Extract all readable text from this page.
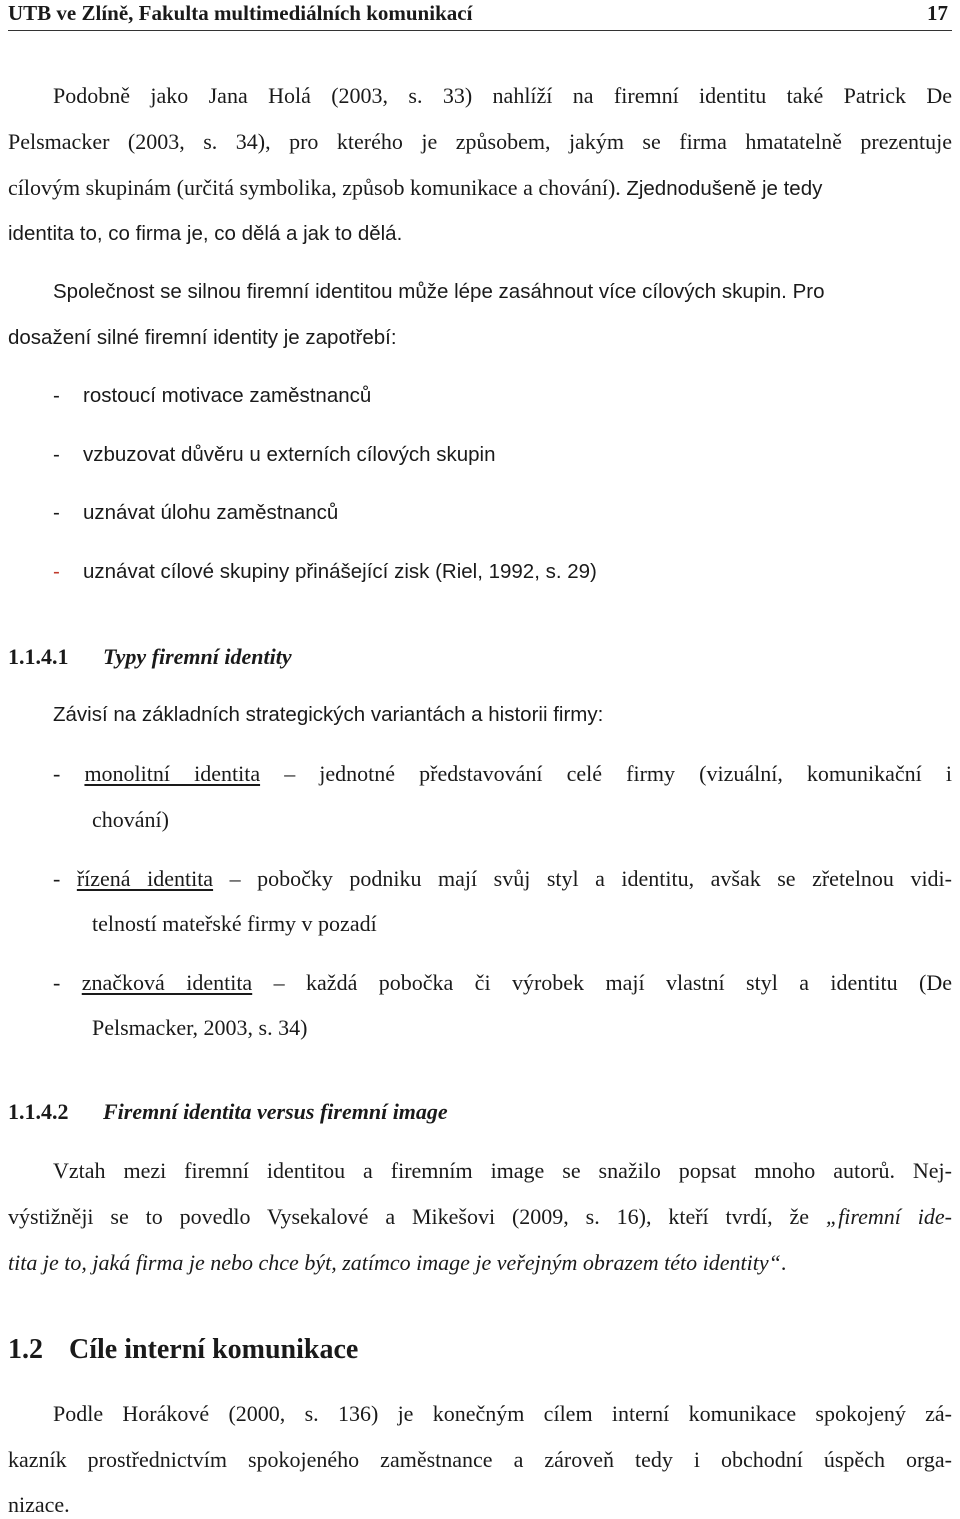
UTB ve Zlíně, Fakulta multimediálních komunikací	17
Podobně jako Jana Holá (2003, s. 33) nahlíží na firemní identitu také Patrick De
Pelsmacker (2003, s. 34), pro kterého je způsobem, jakým se firma hmatatelně prezentuje
cílovým skupinám (určitá symbolika, způsob komunikace a chování). Zjednodušeně je tedy
identita to, co firma je, co dělá a jak to dělá.
Společnost se silnou firemní identitou může lépe zasáhnout více cílových skupin. Pro
dosažení silné firemní identity je zapotřebí:
- rostoucí motivace zaměstnanců
- vzbuzovat důvěru u externích cílových skupin
- uznávat úlohu zaměstnanců
- uznávat cílové skupiny přinášející zisk (Riel, 1992, s. 29)
1.1.4.1 Typy firemní identity
Závisí na základních strategických variantách a historii firmy:
- monolitní identita – jednotné představování celé firmy (vizuální, komunikační i
chování)
- řízená identita – pobočky podniku mají svůj styl a identitu, avšak se zřetelnou vidi-
telností mateřské firmy v pozadí
- značková identita – každá pobočka či výrobek mají vlastní styl a identitu (De
Pelsmacker, 2003, s. 34)
1.1.4.2 Firemní identita versus firemní image
Vztah mezi firemní identitou a firemním image se snažilo popsat mnoho autorů. Nej-
výstižněji se to povedlo Vysekalové a Mikešovi (2009, s. 16), kteří tvrdí, že „firemní ide-
tita je to, jaká firma je nebo chce být, zatímco image je veřejným obrazem této identity“.
1.2 Cíle interní komunikace
Podle Horákové (2000, s. 136) je konečným cílem interní komunikace spokojený zá-
kazník prostřednictvím spokojeného zaměstnance a zároveň tedy i obchodní úspěch orga-
nizace.
